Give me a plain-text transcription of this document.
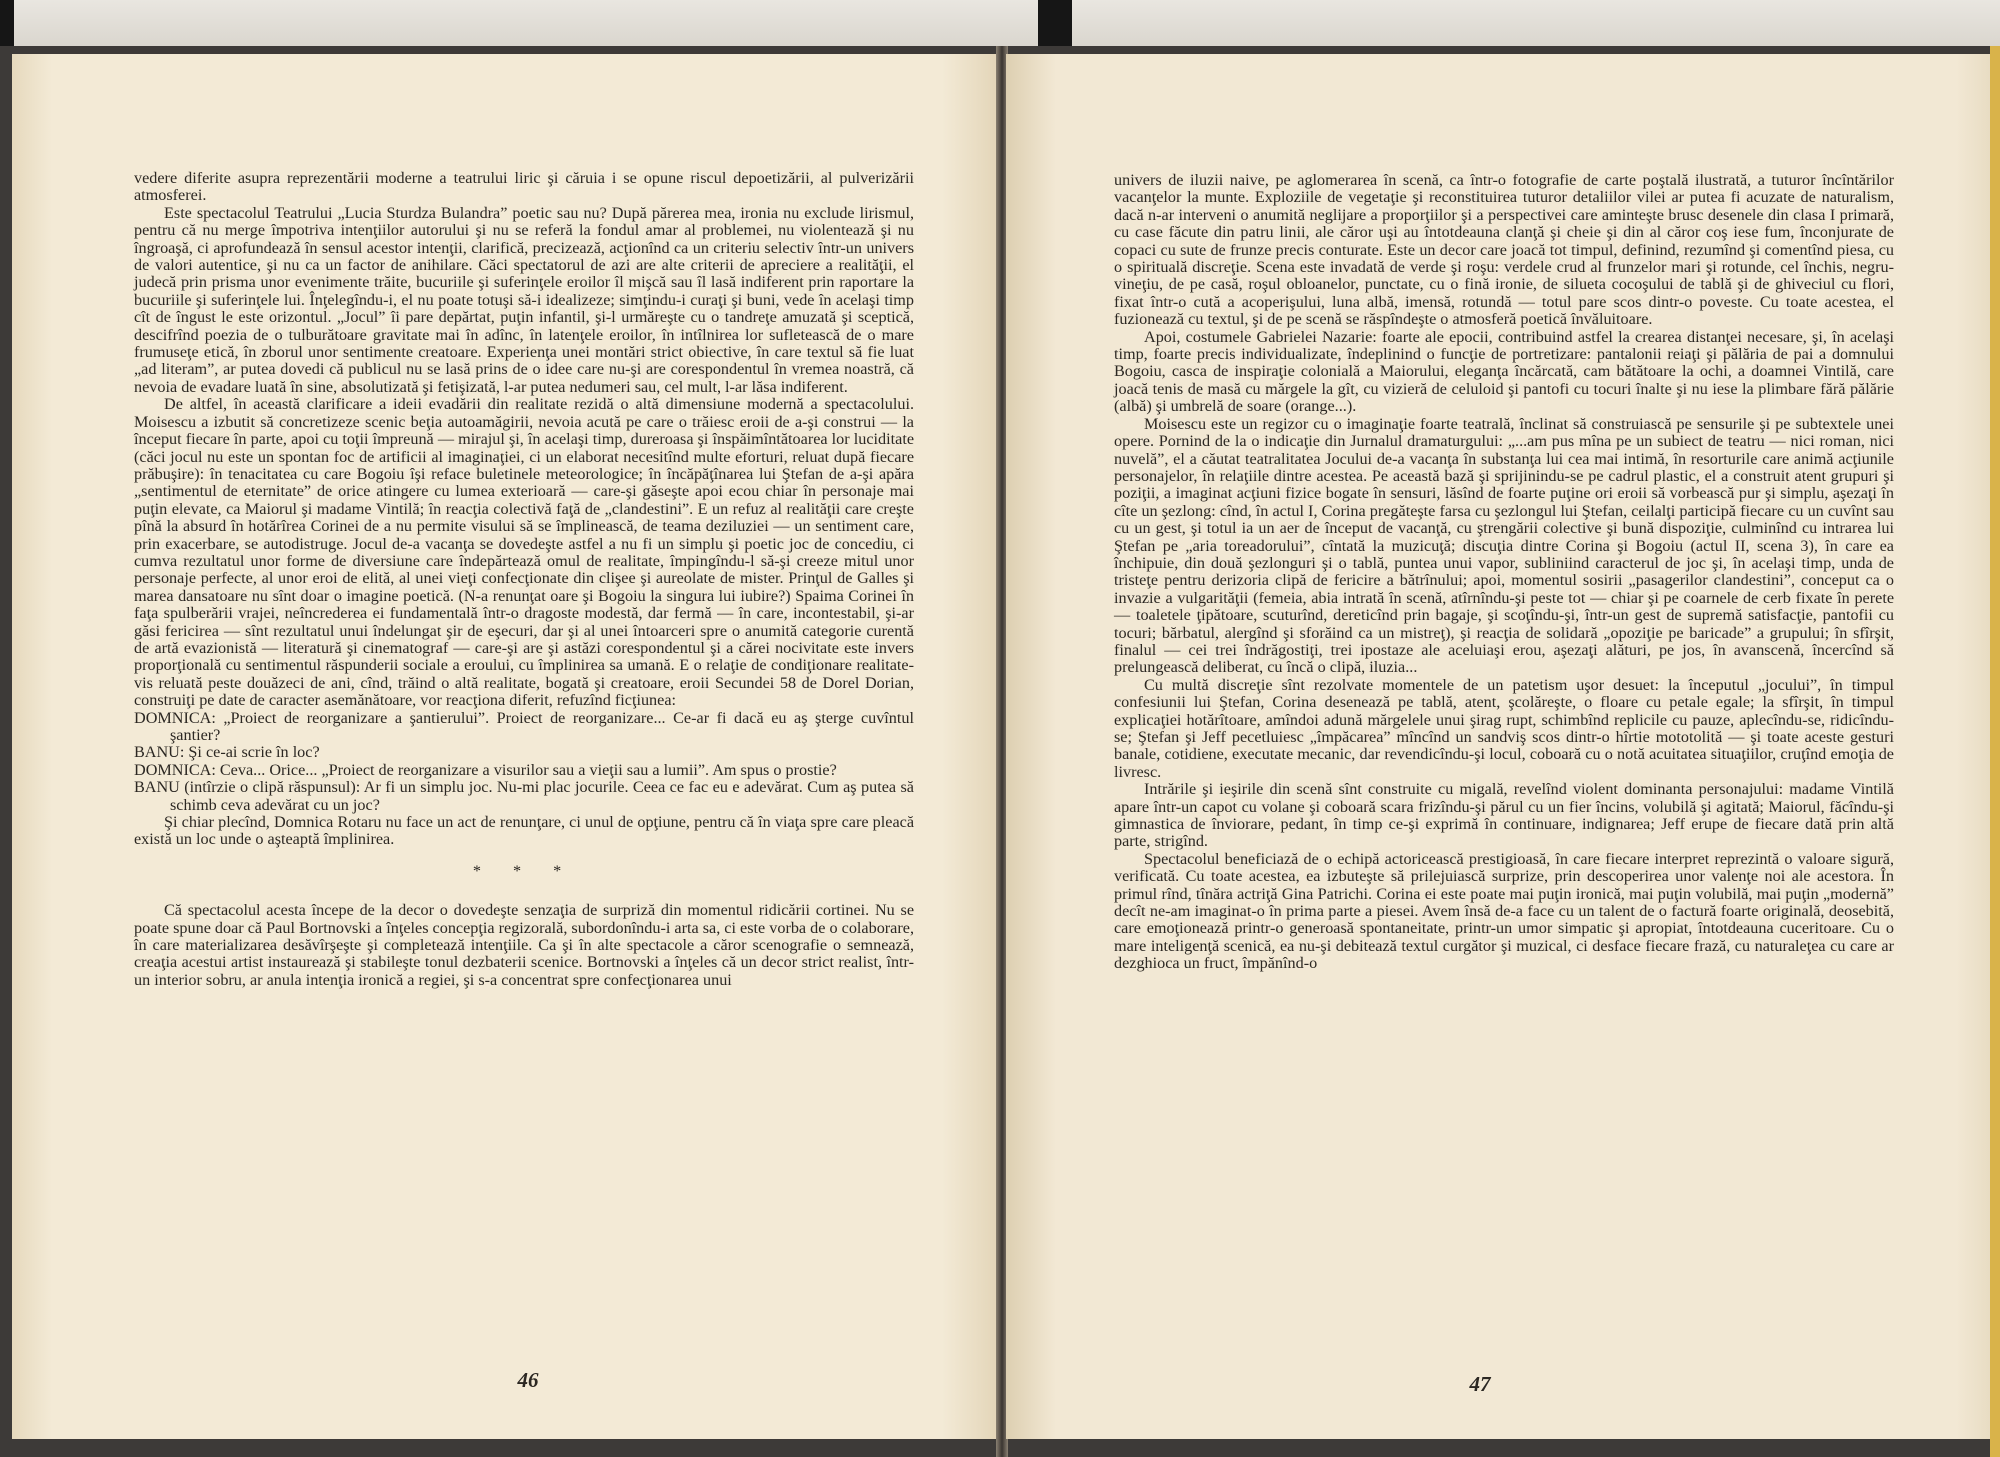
vedere diferite asupra reprezentării moderne a teatrului liric şi căruia i se opune riscul depoetizării, al pulverizării atmosferei.

Este spectacolul Teatrului „Lucia Sturdza Bulandra” poetic sau nu? După părerea mea, ironia nu exclude lirismul, pentru că nu merge împotriva intenţiilor autorului şi nu se referă la fondul amar al problemei, nu violentează şi nu îngroaşă, ci aprofundează în sensul acestor intenţii, clarifică, precizează, acţionînd ca un criteriu selectiv într-un univers de valori autentice, şi nu ca un factor de anihilare. Căci spectatorul de azi are alte criterii de apreciere a realităţii, el judecă prin prisma unor evenimente trăite, bucuriile şi suferinţele eroilor îl mişcă sau îl lasă indiferent prin raportare la bucuriile şi suferinţele lui. Înţelegîndu-i, el nu poate totuşi să-i idealizeze; simţindu-i curaţi şi buni, vede în acelaşi timp cît de îngust le este orizontul. „Jocul” îi pare depărtat, puţin infantil, şi-l urmăreşte cu o tandreţe amuzată şi sceptică, descifrînd poezia de o tulburătoare gravitate mai în adînc, în latenţele eroilor, în intîlnirea lor sufletească de o mare frumuseţe etică, în zborul unor sentimente creatoare. Experienţa unei montări strict obiective, în care textul să fie luat „ad literam”, ar putea dovedi că publicul nu se lasă prins de o idee care nu-şi are corespondentul în vremea noastră, că nevoia de evadare luată în sine, absolutizată şi fetişizată, l-ar putea nedumeri sau, cel mult, l-ar lăsa indiferent.

De altfel, în această clarificare a ideii evadării din realitate rezidă o altă dimensiune modernă a spectacolului. Moisescu a izbutit să concretizeze scenic beţia autoamăgirii, nevoia acută pe care o trăiesc eroii de a-şi construi — la început fiecare în parte, apoi cu toţii împreună — mirajul şi, în acelaşi timp, dureroasa şi înspăimîntătoarea lor luciditate (căci jocul nu este un spontan foc de artificii al imaginaţiei, ci un elaborat necesitînd multe eforturi, reluat după fiecare prăbuşire): în tenacitatea cu care Bogoiu îşi reface buletinele meteorologice; în încăpăţînarea lui Ştefan de a-şi apăra „sentimentul de eternitate” de orice atingere cu lumea exterioară — care-şi găseşte apoi ecou chiar în personaje mai puţin elevate, ca Maiorul şi madame Vintilă; în reacţia colectivă faţă de „clandestini”. E un refuz al realităţii care creşte pînă la absurd în hotărîrea Corinei de a nu permite visului să se împlinească, de teama deziluziei — un sentiment care, prin exacerbare, se autodistruge. Jocul de-a vacanţa se dovedeşte astfel a nu fi un simplu şi poetic joc de concediu, ci cumva rezultatul unor forme de diversiune care îndepărtează omul de realitate, împingîndu-l să-şi creeze mitul unor personaje perfecte, al unor eroi de elită, al unei vieţi confecţionate din clişee şi aureolate de mister. Prinţul de Galles şi marea dansatoare nu sînt doar o imagine poetică. (N-a renunţat oare şi Bogoiu la singura lui iubire?) Spaima Corinei în faţa spulberării vrajei, neîncrederea ei fundamentală într-o dragoste modestă, dar fermă — în care, incontestabil, şi-ar găsi fericirea — sînt rezultatul unui îndelungat şir de eşecuri, dar şi al unei întoarceri spre o anumită categorie curentă de artă evazionistă — literatură şi cinematograf — care-şi are şi astăzi corespondentul şi a cărei nocivitate este invers proporţională cu sentimentul răspunderii sociale a eroului, cu împlinirea sa umană. E o relaţie de condiţionare realitate-vis reluată peste douăzeci de ani, cînd, trăind o altă realitate, bogată şi creatoare, eroii Secundei 58 de Dorel Dorian, construiţi pe date de caracter asemănătoare, vor reacţiona diferit, refuzînd ficţiunea:

DOMNICA: „Proiect de reorganizare a şantierului”. Proiect de reorganizare... Ce-ar fi dacă eu aş şterge cuvîntul şantier?

BANU: Şi ce-ai scrie în loc?

DOMNICA: Ceva... Orice... „Proiect de reorganizare a visurilor sau a vieţii sau a lumii”. Am spus o prostie?

BANU (intîrzie o clipă răspunsul): Ar fi un simplu joc. Nu-mi plac jocurile. Ceea ce fac eu e adevărat. Cum aş putea să schimb ceva adevărat cu un joc?

Şi chiar plecînd, Domnica Rotaru nu face un act de renunţare, ci unul de opţiune, pentru că în viaţa spre care pleacă există un loc unde o aşteaptă împlinirea.

* * *

Că spectacolul acesta începe de la decor o dovedeşte senzaţia de surpriză din momentul ridicării cortinei. Nu se poate spune doar că Paul Bortnovski a înţeles concepţia regizorală, subordonîndu-i arta sa, ci este vorba de o colaborare, în care materializarea desăvîrşeşte şi completează intenţiile. Ca şi în alte spectacole a căror scenografie o semnează, creaţia acestui artist instaurează şi stabileşte tonul dezbaterii scenice. Bortnovski a înţeles că un decor strict realist, într-un interior sobru, ar anula intenţia ironică a regiei, şi s-a concentrat spre confecţionarea unui

46

univers de iluzii naive, pe aglomerarea în scenă, ca într-o fotografie de carte poştală ilustrată, a tuturor încîntărilor vacanţelor la munte. Exploziile de vegetaţie şi reconstituirea tuturor detaliilor vilei ar putea fi acuzate de naturalism, dacă n-ar interveni o anumită neglijare a proporţiilor şi a perspectivei care aminteşte brusc desenele din clasa I primară, cu case făcute din patru linii, ale căror uşi au întotdeauna clanţă şi cheie şi din al căror coş iese fum, înconjurate de copaci cu sute de frunze precis conturate. Este un decor care joacă tot timpul, definind, rezumînd şi comentînd piesa, cu o spirituală discreţie. Scena este invadată de verde şi roşu: verdele crud al frunzelor mari şi rotunde, cel închis, negru-vineţiu, de pe casă, roşul obloanelor, punctate, cu o fină ironie, de silueta cocoşului de tablă şi de ghiveciul cu flori, fixat într-o cută a acoperişului, luna albă, imensă, rotundă — totul pare scos dintr-o poveste. Cu toate acestea, el fuzionează cu textul, şi de pe scenă se răspîndeşte o atmosferă poetică învăluitoare.

Apoi, costumele Gabrielei Nazarie: foarte ale epocii, contribuind astfel la crearea distanţei necesare, şi, în acelaşi timp, foarte precis individualizate, îndeplinind o funcţie de portretizare: pantalonii reiaţi şi pălăria de pai a domnului Bogoiu, casca de inspiraţie colonială a Maiorului, eleganţa încărcată, cam bătătoare la ochi, a doamnei Vintilă, care joacă tenis de masă cu mărgele la gît, cu vizieră de celuloid şi pantofi cu tocuri înalte şi nu iese la plimbare fără pălărie (albă) şi umbrelă de soare (orange...).

Moisescu este un regizor cu o imaginaţie foarte teatrală, înclinat să construiască pe sensurile şi pe subtextele unei opere. Pornind de la o indicaţie din Jurnalul dramaturgului: „...am pus mîna pe un subiect de teatru — nici roman, nici nuvelă”, el a căutat teatralitatea Jocului de-a vacanţa în substanţa lui cea mai intimă, în resorturile care animă acţiunile personajelor, în relaţiile dintre acestea. Pe această bază şi sprijinindu-se pe cadrul plastic, el a construit atent grupuri şi poziţii, a imaginat acţiuni fizice bogate în sensuri, lăsînd de foarte puţine ori eroii să vorbească pur şi simplu, aşezaţi în cîte un şezlong: cînd, în actul I, Corina pregăteşte farsa cu şezlongul lui Ştefan, ceilalţi participă fiecare cu un cuvînt sau cu un gest, şi totul ia un aer de început de vacanţă, cu ştrengării colective şi bună dispoziţie, culminînd cu intrarea lui Ştefan pe „aria toreadorului”, cîntată la muzicuţă; discuţia dintre Corina şi Bogoiu (actul II, scena 3), în care ea închipuie, din două şezlonguri şi o tablă, puntea unui vapor, subliniind caracterul de joc şi, în acelaşi timp, unda de tristeţe pentru derizoria clipă de fericire a bătrînului; apoi, momentul sosirii „pasagerilor clandestini”, conceput ca o invazie a vulgarităţii (femeia, abia intrată în scenă, atîrnîndu-şi peste tot — chiar şi pe coarnele de cerb fixate în perete — toaletele ţipătoare, scuturînd, dereticînd prin bagaje, şi scoţîndu-şi, într-un gest de supremă satisfacţie, pantofii cu tocuri; bărbatul, alergînd şi sforăind ca un mistreţ), şi reacţia de solidară „opoziţie pe baricade” a grupului; în sfîrşit, finalul — cei trei îndrăgostiţi, trei ipostaze ale aceluiaşi erou, aşezaţi alături, pe jos, în avanscenă, încercînd să prelungească deliberat, cu încă o clipă, iluzia...

Cu multă discreţie sînt rezolvate momentele de un patetism uşor desuet: la începutul „jocului”, în timpul confesiunii lui Ştefan, Corina desenează pe tablă, atent, şcolăreşte, o floare cu petale egale; la sfîrşit, în timpul explicaţiei hotărîtoare, amîndoi adună mărgelele unui şirag rupt, schimbînd replicile cu pauze, aplecîndu-se, ridicîndu-se; Ştefan şi Jeff pecetluiesc „împăcarea” mîncînd un sandviş scos dintr-o hîrtie mototolită — şi toate aceste gesturi banale, cotidiene, executate mecanic, dar revendicîndu-şi locul, coboară cu o notă acuitatea situaţiilor, cruţînd emoţia de livresc.

Intrările şi ieşirile din scenă sînt construite cu migală, revelînd violent dominanta personajului: madame Vintilă apare într-un capot cu volane şi coboară scara frizîndu-şi părul cu un fier încins, volubilă şi agitată; Maiorul, făcîndu-şi gimnastica de înviorare, pedant, în timp ce-şi exprimă în continuare, indignarea; Jeff erupe de fiecare dată prin altă parte, strigînd.

Spectacolul beneficiază de o echipă actoricească prestigioasă, în care fiecare interpret reprezintă o valoare sigură, verificată. Cu toate acestea, ea izbuteşte să prilejuiască surprize, prin descoperirea unor valenţe noi ale acestora. În primul rînd, tînăra actriţă Gina Patrichi. Corina ei este poate mai puţin ironică, mai puţin volubilă, mai puţin „modernă” decît ne-am imaginat-o în prima parte a piesei. Avem însă de-a face cu un talent de o factură foarte originală, deosebită, care emoţionează printr-o generoasă spontaneitate, printr-un umor simpatic şi apropiat, întotdeauna cuceritoare. Cu o mare inteligenţă scenică, ea nu-şi debitează textul curgător şi muzical, ci desface fiecare frază, cu naturaleţea cu care ar dezghioca un fruct, împănînd-o

47
